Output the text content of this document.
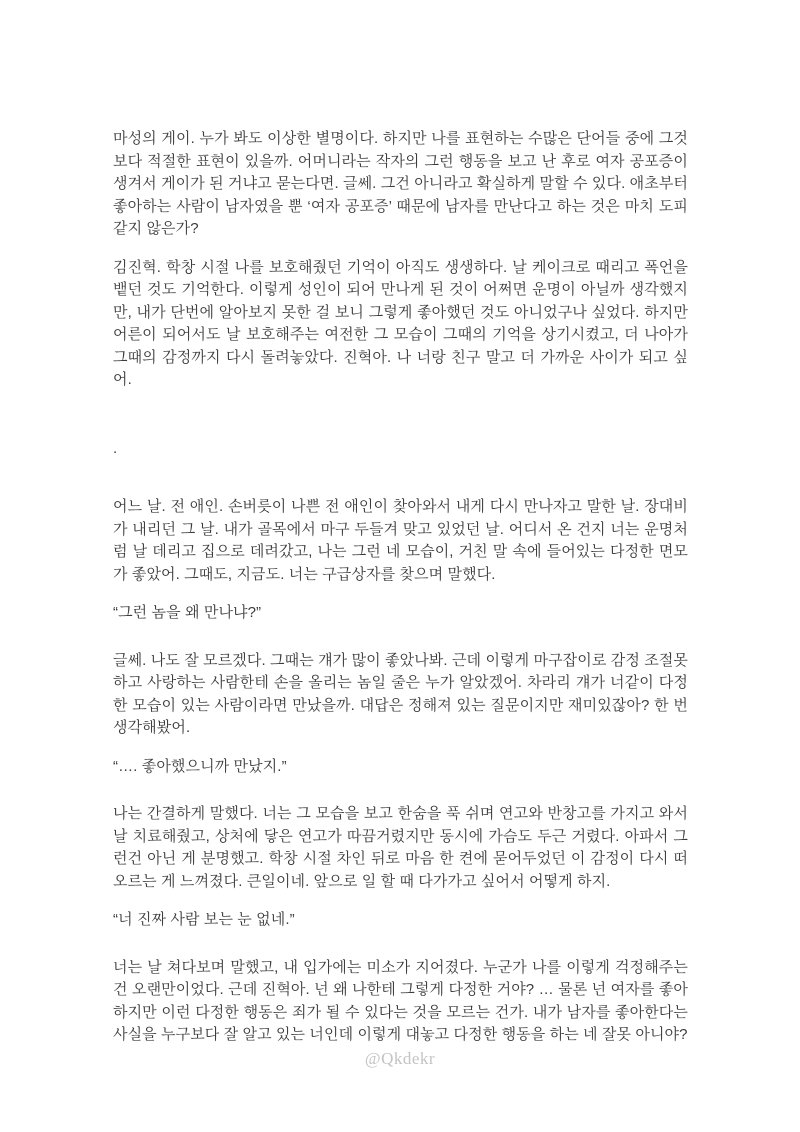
마성의 게이. 누가 봐도 이상한 별명이다. 하지만 나를 표현하는 수많은 단어들 중에 그것보다 적절한 표현이 있을까. 어머니라는 작자의 그런 행동을 보고 난 후로 여자 공포증이 생겨서 게이가 된 거냐고 묻는다면. 글쎄. 그건 아니라고 확실하게 말할 수 있다. 애초부터 좋아하는 사람이 남자였을 뿐 ‘여자 공포증’ 때문에 남자를 만난다고 하는 것은 마치 도피 같지 않은가?

김진혁. 학창 시절 나를 보호해줬던 기억이 아직도 생생하다. 날 케이크로 때리고 폭언을 뱉던 것도 기억한다. 이렇게 성인이 되어 만나게 된 것이 어쩌면 운명이 아닐까 생각했지만, 내가 단번에 알아보지 못한 걸 보니 그렇게 좋아했던 것도 아니었구나 싶었다. 하지만 어른이 되어서도 날 보호해주는 여전한 그 모습이 그때의 기억을 상기시켰고, 더 나아가 그때의 감정까지 다시 돌려놓았다. 진혁아. 나 너랑 친구 말고 더 가까운 사이가 되고 싶어.

.

어느 날. 전 애인. 손버릇이 나쁜 전 애인이 찾아와서 내게 다시 만나자고 말한 날. 장대비가 내리던 그 날. 내가 골목에서 마구 두들겨 맞고 있었던 날. 어디서 온 건지 너는 운명처럼 날 데리고 집으로 데려갔고, 나는 그런 네 모습이, 거친 말 속에 들어있는 다정한 면모가 좋았어. 그때도, 지금도. 너는 구급상자를 찾으며 말했다.

“그런 놈을 왜 만나냐?”

글쎄. 나도 잘 모르겠다. 그때는 걔가 많이 좋았나봐. 근데 이렇게 마구잡이로 감정 조절못하고 사랑하는 사람한테 손을 올리는 놈일 줄은 누가 알았겠어. 차라리 걔가 너같이 다정한 모습이 있는 사람이라면 만났을까. 대답은 정해져 있는 질문이지만 재미있잖아? 한 번 생각해봤어.

“…. 좋아했으니까 만났지.”

나는 간결하게 말했다. 너는 그 모습을 보고 한숨을 푹 쉬며 연고와 반창고를 가지고 와서 날 치료해줬고, 상처에 닿은 연고가 따끔거렸지만 동시에 가슴도 두근 거렸다. 아파서 그런건 아닌 게 분명했고. 학창 시절 차인 뒤로 마음 한 켠에 묻어두었던 이 감정이 다시 떠오르는 게 느껴졌다. 큰일이네. 앞으로 일 할 때 다가가고 싶어서 어떻게 하지.

“너 진짜 사람 보는 눈 없네.”

너는 날 쳐다보며 말했고, 내 입가에는 미소가 지어졌다. 누군가 나를 이렇게 걱정해주는 건 오랜만이었다. 근데 진혁아. 넌 왜 나한테 그렇게 다정한 거야? … 물론 넌 여자를 좋아하지만 이런 다정한 행동은 죄가 될 수 있다는 것을 모르는 건가. 내가 남자를 좋아한다는 사실을 누구보다 잘 알고 있는 너인데 이렇게 대놓고 다정한 행동을 하는 네 잘못 아니야?

@Qkdekr
